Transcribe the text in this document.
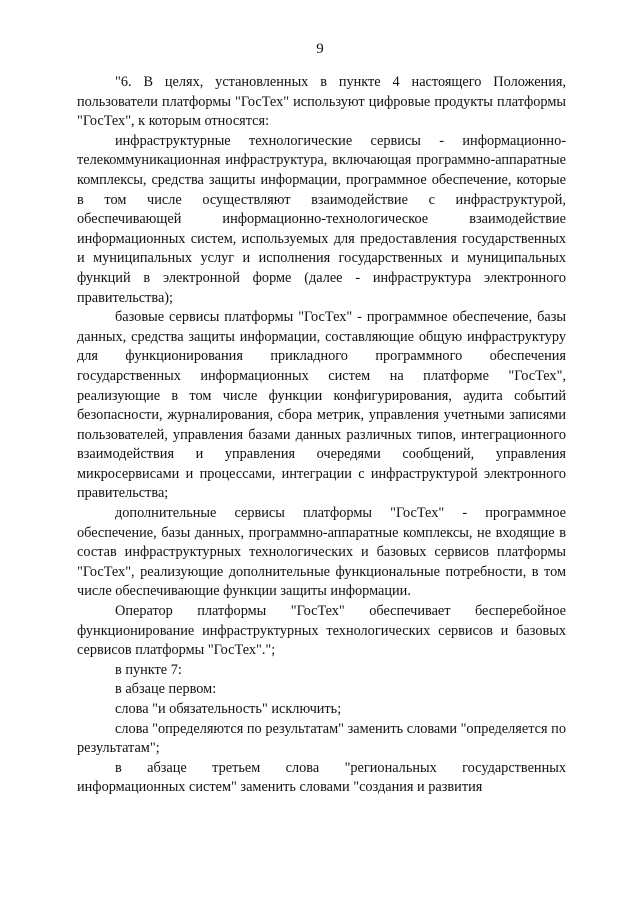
9

"6. В целях, установленных в пункте 4 настоящего Положения, пользователи платформы "ГосТех" используют цифровые продукты платформы "ГосТех", к которым относятся:

инфраструктурные технологические сервисы - информационно-телекоммуникационная инфраструктура, включающая программно-аппаратные комплексы, средства защиты информации, программное обеспечение, которые в том числе осуществляют взаимодействие с инфраструктурой, обеспечивающей информационно-технологическое взаимодействие информационных систем, используемых для предоставления государственных и муниципальных услуг и исполнения государственных и муниципальных функций в электронной форме (далее - инфраструктура электронного правительства);

базовые сервисы платформы "ГосТех" - программное обеспечение, базы данных, средства защиты информации, составляющие общую инфраструктуру для функционирования прикладного программного обеспечения государственных информационных систем на платформе "ГосТех", реализующие в том числе функции конфигурирования, аудита событий безопасности, журналирования, сбора метрик, управления учетными записями пользователей, управления базами данных различных типов, интеграционного взаимодействия и управления очередями сообщений, управления микросервисами и процессами, интеграции с инфраструктурой электронного правительства;

дополнительные сервисы платформы "ГосТех" - программное обеспечение, базы данных, программно-аппаратные комплексы, не входящие в состав инфраструктурных технологических и базовых сервисов платформы "ГосТех", реализующие дополнительные функциональные потребности, в том числе обеспечивающие функции защиты информации.

Оператор платформы "ГосТех" обеспечивает бесперебойное функционирование инфраструктурных технологических сервисов и базовых сервисов платформы "ГосТех".";

в пункте 7:

в абзаце первом:

слова "и обязательность" исключить;

слова "определяются по результатам" заменить словами "определяется по результатам";

в абзаце третьем слова "региональных государственных информационных систем" заменить словами "создания и развития
